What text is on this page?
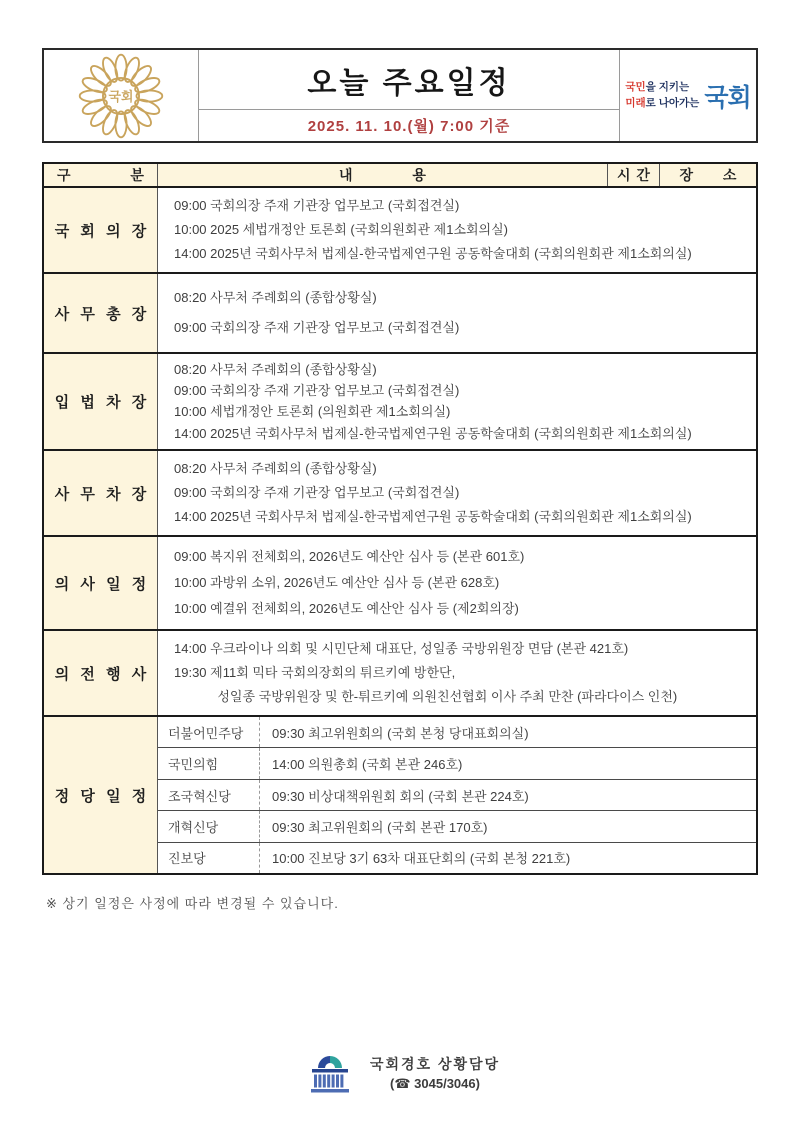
국회	오늘 주요일정
2025. 11. 10.(월) 7:00 기준
국민을 지키는
미래로 나아가는 국회
구 분	내 용	시 간	장 소
국 회 의 장
09:00 국회의장 주재 기관장 업무보고 (국회접견실)
10:00 2025 세법개정안 토론회 (국회의원회관 제1소회의실)
14:00 2025년 국회사무처 법제실-한국법제연구원 공동학술대회 (국회의원회관 제1소회의실)
사 무 총 장
08:20 사무처 주례회의 (종합상황실)
09:00 국회의장 주재 기관장 업무보고 (국회접견실)
입 법 차 장
08:20 사무처 주례회의 (종합상황실)
09:00 국회의장 주재 기관장 업무보고 (국회접견실)
10:00 세법개정안 토론회 (의원회관 제1소회의실)
14:00 2025년 국회사무처 법제실-한국법제연구원 공동학술대회 (국회의원회관 제1소회의실)
사 무 차 장
08:20 사무처 주례회의 (종합상황실)
09:00 국회의장 주재 기관장 업무보고 (국회접견실)
14:00 2025년 국회사무처 법제실-한국법제연구원 공동학술대회 (국회의원회관 제1소회의실)
의 사 일 정
09:00 복지위 전체회의, 2026년도 예산안 심사 등 (본관 601호)
10:00 과방위 소위, 2026년도 예산안 심사 등 (본관 628호)
10:00 예결위 전체회의, 2026년도 예산안 심사 등 (제2회의장)
의 전 행 사
14:00 우크라이나 의회 및 시민단체 대표단, 성일종 국방위원장 면담 (본관 421호)
19:30 제11회 믹타 국회의장회의 튀르키예 방한단,
성일종 국방위원장 및 한-튀르키예 의원친선협회 이사 주최 만찬 (파라다이스 인천)
정 당 일 정
더불어민주당	09:30 최고위원회의 (국회 본청 당대표회의실)
국민의힘	14:00 의원총회 (국회 본관 246호)
조국혁신당	09:30 비상대책위원회 회의 (국회 본관 224호)
개혁신당	09:30 최고위원회의 (국회 본관 170호)
진보당	10:00 진보당 3기 63차 대표단회의 (국회 본청 221호)
※ 상기 일정은 사정에 따라 변경될 수 있습니다.
국회경호 상황담당
(☎ 3045/3046)
